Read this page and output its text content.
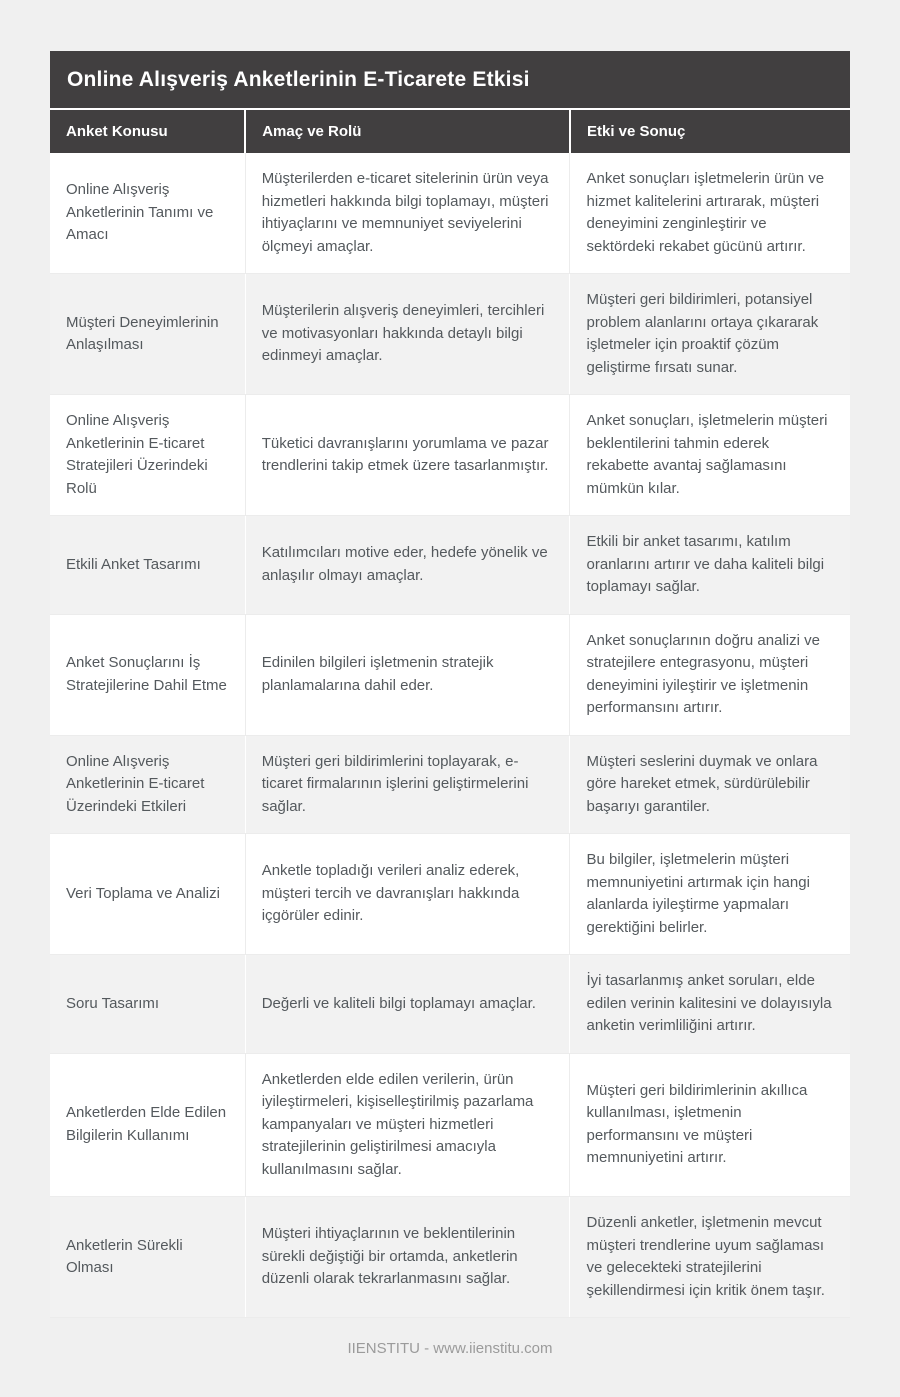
Online Alışveriş Anketlerinin E-Ticarete Etkisi
Anket Konusu	Amaç ve Rolü	Etki ve Sonuç
Online Alışveriş Anketlerinin Tanımı ve Amacı	Müşterilerden e-ticaret sitelerinin ürün veya hizmetleri hakkında bilgi toplamayı, müşteri ihtiyaçlarını ve memnuniyet seviyelerini ölçmeyi amaçlar.	Anket sonuçları işletmelerin ürün ve hizmet kalitelerini artırarak, müşteri deneyimini zenginleştirir ve sektördeki rekabet gücünü artırır.
Müşteri Deneyimlerinin Anlaşılması	Müşterilerin alışveriş deneyimleri, tercihleri ve motivasyonları hakkında detaylı bilgi edinmeyi amaçlar.	Müşteri geri bildirimleri, potansiyel problem alanlarını ortaya çıkararak işletmeler için proaktif çözüm geliştirme fırsatı sunar.
Online Alışveriş Anketlerinin E-ticaret Stratejileri Üzerindeki Rolü	Tüketici davranışlarını yorumlama ve pazar trendlerini takip etmek üzere tasarlanmıştır.	Anket sonuçları, işletmelerin müşteri beklentilerini tahmin ederek rekabette avantaj sağlamasını mümkün kılar.
Etkili Anket Tasarımı	Katılımcıları motive eder, hedefe yönelik ve anlaşılır olmayı amaçlar.	Etkili bir anket tasarımı, katılım oranlarını artırır ve daha kaliteli bilgi toplamayı sağlar.
Anket Sonuçlarını İş Stratejilerine Dahil Etme	Edinilen bilgileri işletmenin stratejik planlamalarına dahil eder.	Anket sonuçlarının doğru analizi ve stratejilere entegrasyonu, müşteri deneyimini iyileştirir ve işletmenin performansını artırır.
Online Alışveriş Anketlerinin E-ticaret Üzerindeki Etkileri	Müşteri geri bildirimlerini toplayarak, e-ticaret firmalarının işlerini geliştirmelerini sağlar.	Müşteri seslerini duymak ve onlara göre hareket etmek, sürdürülebilir başarıyı garantiler.
Veri Toplama ve Analizi	Anketle topladığı verileri analiz ederek, müşteri tercih ve davranışları hakkında içgörüler edinir.	Bu bilgiler, işletmelerin müşteri memnuniyetini artırmak için hangi alanlarda iyileştirme yapmaları gerektiğini belirler.
Soru Tasarımı	Değerli ve kaliteli bilgi toplamayı amaçlar.	İyi tasarlanmış anket soruları, elde edilen verinin kalitesini ve dolayısıyla anketin verimliliğini artırır.
Anketlerden Elde Edilen Bilgilerin Kullanımı	Anketlerden elde edilen verilerin, ürün iyileştirmeleri, kişiselleştirilmiş pazarlama kampanyaları ve müşteri hizmetleri stratejilerinin geliştirilmesi amacıyla kullanılmasını sağlar.	Müşteri geri bildirimlerinin akıllıca kullanılması, işletmenin performansını ve müşteri memnuniyetini artırır.
Anketlerin Sürekli Olması	Müşteri ihtiyaçlarının ve beklentilerinin sürekli değiştiği bir ortamda, anketlerin düzenli olarak tekrarlanmasını sağlar.	Düzenli anketler, işletmenin mevcut müşteri trendlerine uyum sağlaması ve gelecekteki stratejilerini şekillendirmesi için kritik önem taşır.
IIENSTITU - www.iienstitu.com
